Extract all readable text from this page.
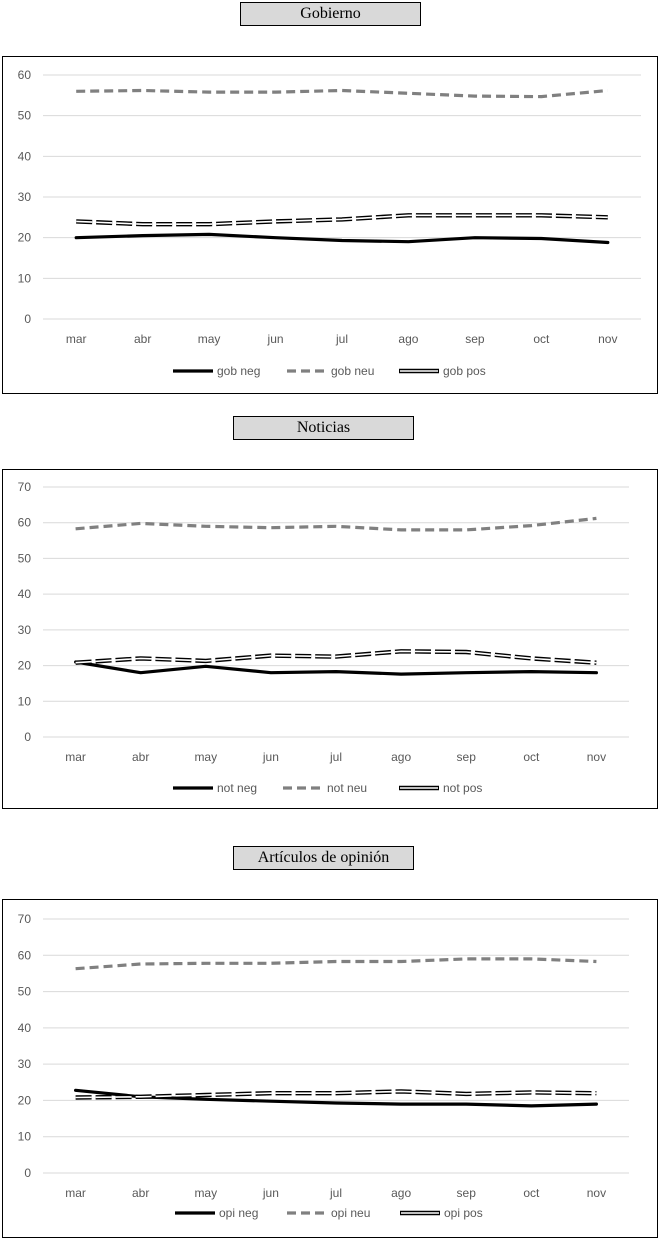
Gobierno
0
10
20
30
40
50
60
mar	abr	may	jun	jul	ago	sep	oct	nov
gob neg	gob neu	gob pos
Noticias
0
10
20
30
40
50
60
70
mar	abr	may	jun	jul	ago	sep	oct	nov
not neg	not neu	not pos
Artículos de opinión
0
10
20
30
40
50
60
70
mar	abr	may	jun	jul	ago	sep	oct	nov
opi neg	opi neu	opi pos
